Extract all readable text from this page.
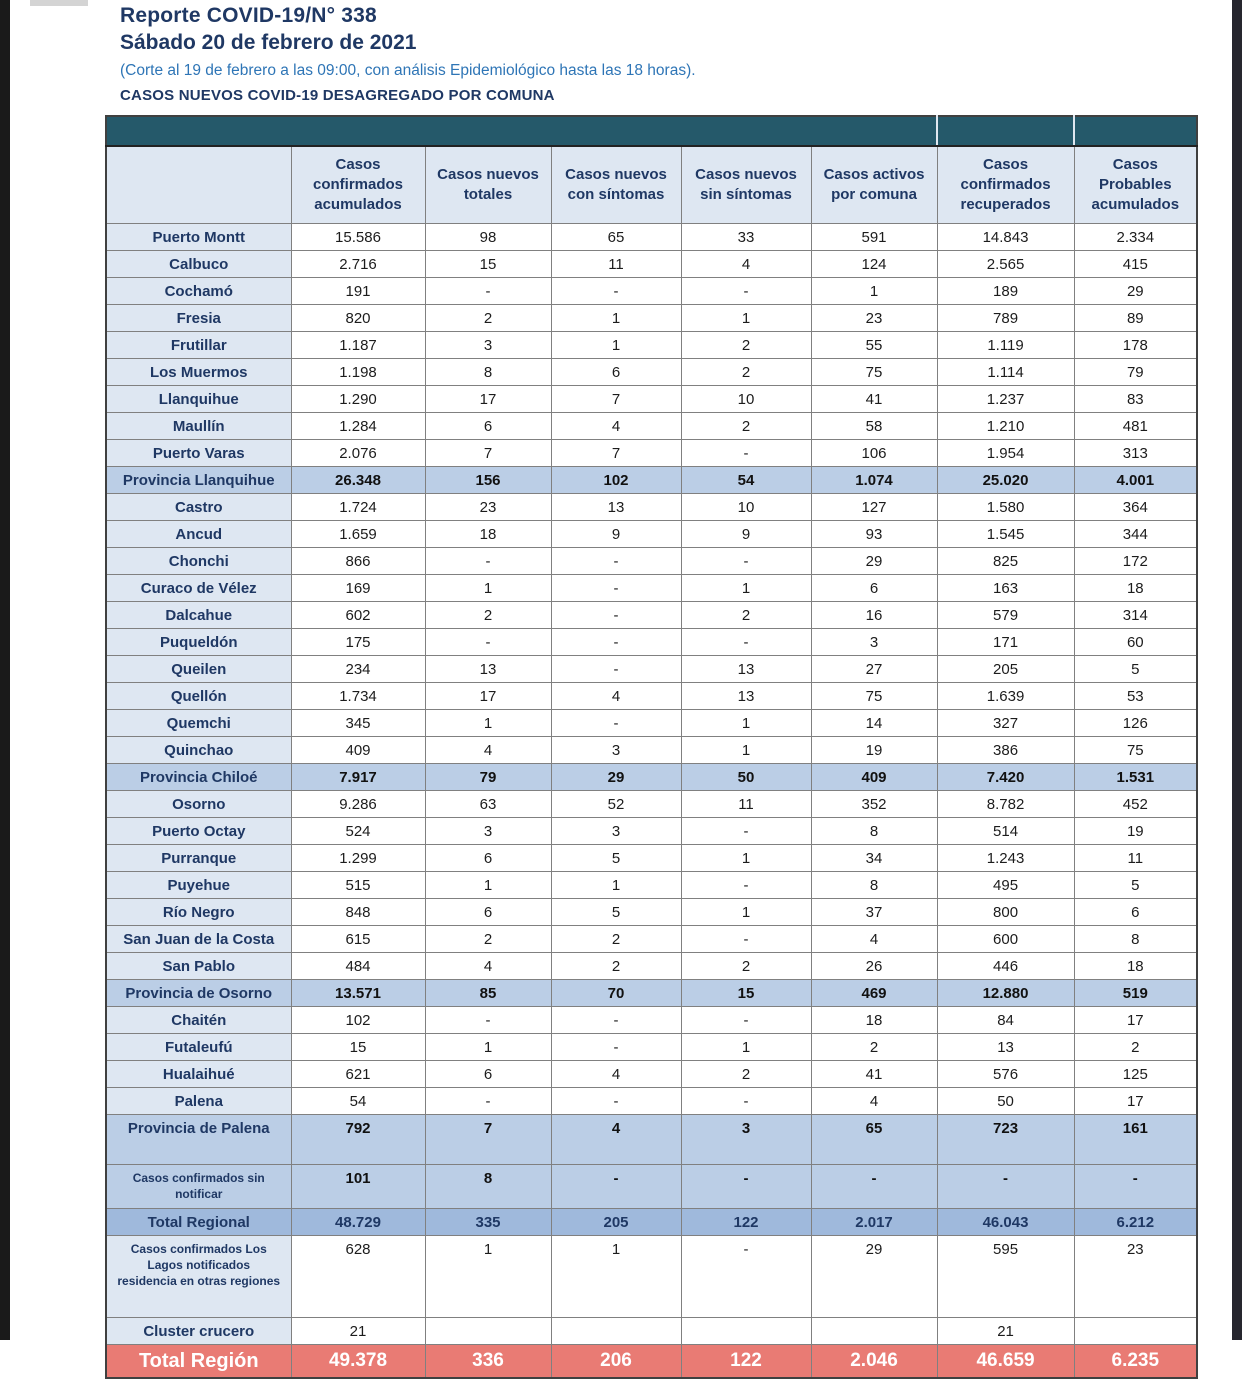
Reporte COVID-19/N° 338
Sábado 20 de febrero de 2021
(Corte al 19 de febrero a las 09:00, con análisis Epidemiológico hasta las 18 horas).
CASOS NUEVOS COVID-19 DESAGREGADO POR COMUNA

	Casos confirmados acumulados	Casos nuevos totales	Casos nuevos con síntomas	Casos nuevos sin síntomas	Casos activos por comuna	Casos confirmados recuperados	Casos Probables acumulados
Puerto Montt	15.586	98	65	33	591	14.843	2.334
Calbuco	2.716	15	11	4	124	2.565	415
Cochamó	191	-	-	-	1	189	29
Fresia	820	2	1	1	23	789	89
Frutillar	1.187	3	1	2	55	1.119	178
Los Muermos	1.198	8	6	2	75	1.114	79
Llanquihue	1.290	17	7	10	41	1.237	83
Maullín	1.284	6	4	2	58	1.210	481
Puerto Varas	2.076	7	7	-	106	1.954	313
Provincia Llanquihue	26.348	156	102	54	1.074	25.020	4.001
Castro	1.724	23	13	10	127	1.580	364
Ancud	1.659	18	9	9	93	1.545	344
Chonchi	866	-	-	-	29	825	172
Curaco de Vélez	169	1	-	1	6	163	18
Dalcahue	602	2	-	2	16	579	314
Puqueldón	175	-	-	-	3	171	60
Queilen	234	13	-	13	27	205	5
Quellón	1.734	17	4	13	75	1.639	53
Quemchi	345	1	-	1	14	327	126
Quinchao	409	4	3	1	19	386	75
Provincia Chiloé	7.917	79	29	50	409	7.420	1.531
Osorno	9.286	63	52	11	352	8.782	452
Puerto Octay	524	3	3	-	8	514	19
Purranque	1.299	6	5	1	34	1.243	11
Puyehue	515	1	1	-	8	495	5
Río Negro	848	6	5	1	37	800	6
San Juan de la Costa	615	2	2	-	4	600	8
San Pablo	484	4	2	2	26	446	18
Provincia de Osorno	13.571	85	70	15	469	12.880	519
Chaitén	102	-	-	-	18	84	17
Futaleufú	15	1	-	1	2	13	2
Hualaihué	621	6	4	2	41	576	125
Palena	54	-	-	-	4	50	17
Provincia de Palena	792	7	4	3	65	723	161
Casos confirmados sin notificar	101	8	-	-	-	-	-
Total Regional	48.729	335	205	122	2.017	46.043	6.212
Casos confirmados Los Lagos notificados residencia en otras regiones	628	1	1	-	29	595	23
Cluster crucero	21					21	
Total Región	49.378	336	206	122	2.046	46.659	6.235
